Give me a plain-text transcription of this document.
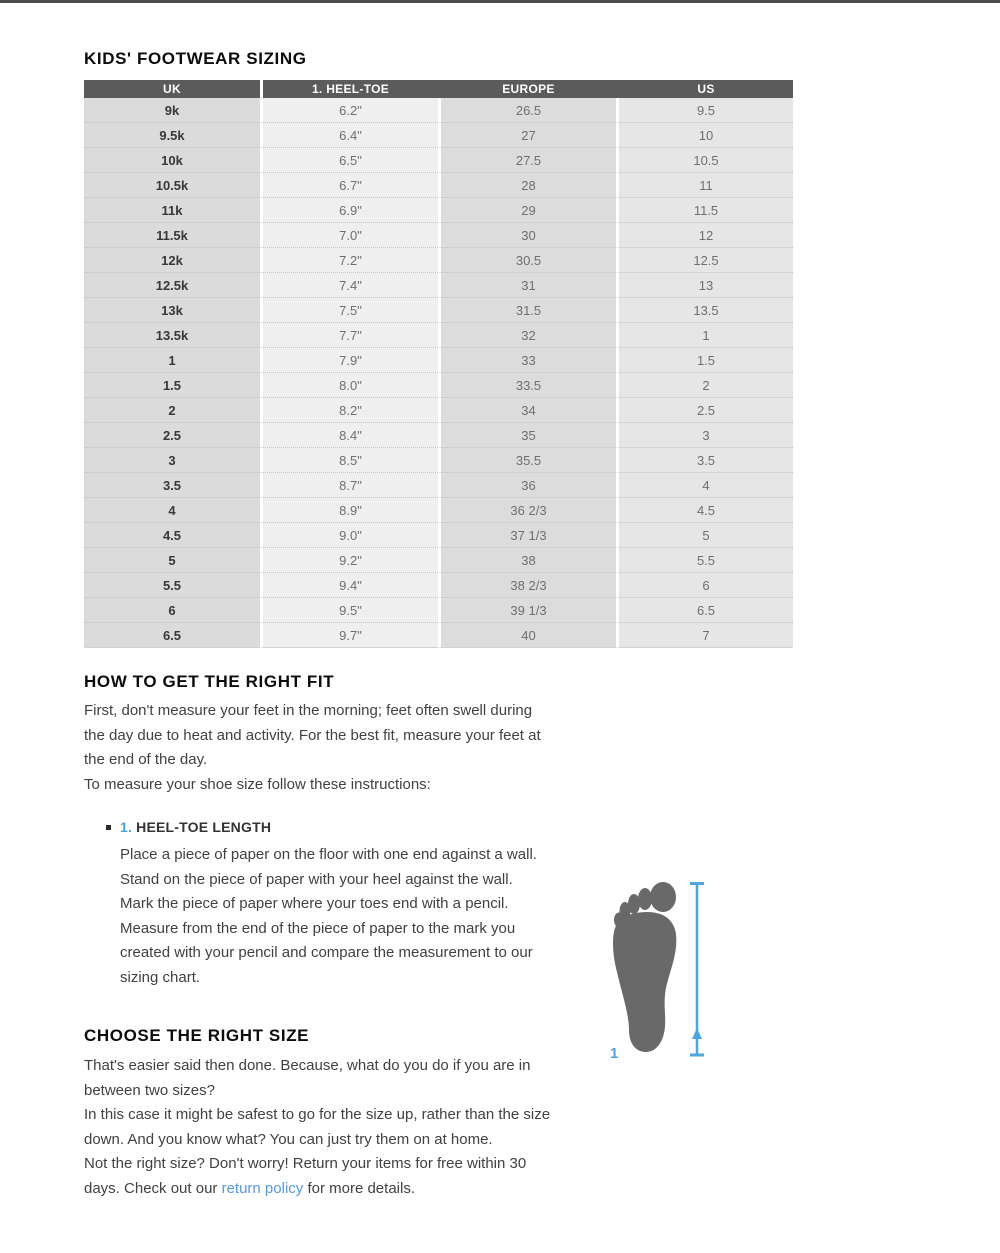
KIDS' FOOTWEAR SIZING
UK	1. HEEL-TOE	EUROPE	US
9k	6.2"	26.5	9.5
9.5k	6.4"	27	10
10k	6.5"	27.5	10.5
10.5k	6.7"	28	11
11k	6.9"	29	11.5
11.5k	7.0"	30	12
12k	7.2"	30.5	12.5
12.5k	7.4"	31	13
13k	7.5"	31.5	13.5
13.5k	7.7"	32	1
1	7.9"	33	1.5
1.5	8.0"	33.5	2
2	8.2"	34	2.5
2.5	8.4"	35	3
3	8.5"	35.5	3.5
3.5	8.7"	36	4
4	8.9"	36 2/3	4.5
4.5	9.0"	37 1/3	5
5	9.2"	38	5.5
5.5	9.4"	38 2/3	6
6	9.5"	39 1/3	6.5
6.5	9.7"	40	7
HOW TO GET THE RIGHT FIT
First, don't measure your feet in the morning; feet often swell during
the day due to heat and activity. For the best fit, measure your feet at
the end of the day.
To measure your shoe size follow these instructions:
1. HEEL-TOE LENGTH
Place a piece of paper on the floor with one end against a wall.
Stand on the piece of paper with your heel against the wall.
Mark the piece of paper where your toes end with a pencil.
Measure from the end of the piece of paper to the mark you
created with your pencil and compare the measurement to our
sizing chart.
CHOOSE THE RIGHT SIZE
That's easier said then done. Because, what do you do if you are in
between two sizes?
In this case it might be safest to go for the size up, rather than the size
down. And you know what? You can just try them on at home.
Not the right size? Don't worry! Return your items for free within 30
days. Check out our return policy for more details.
1
